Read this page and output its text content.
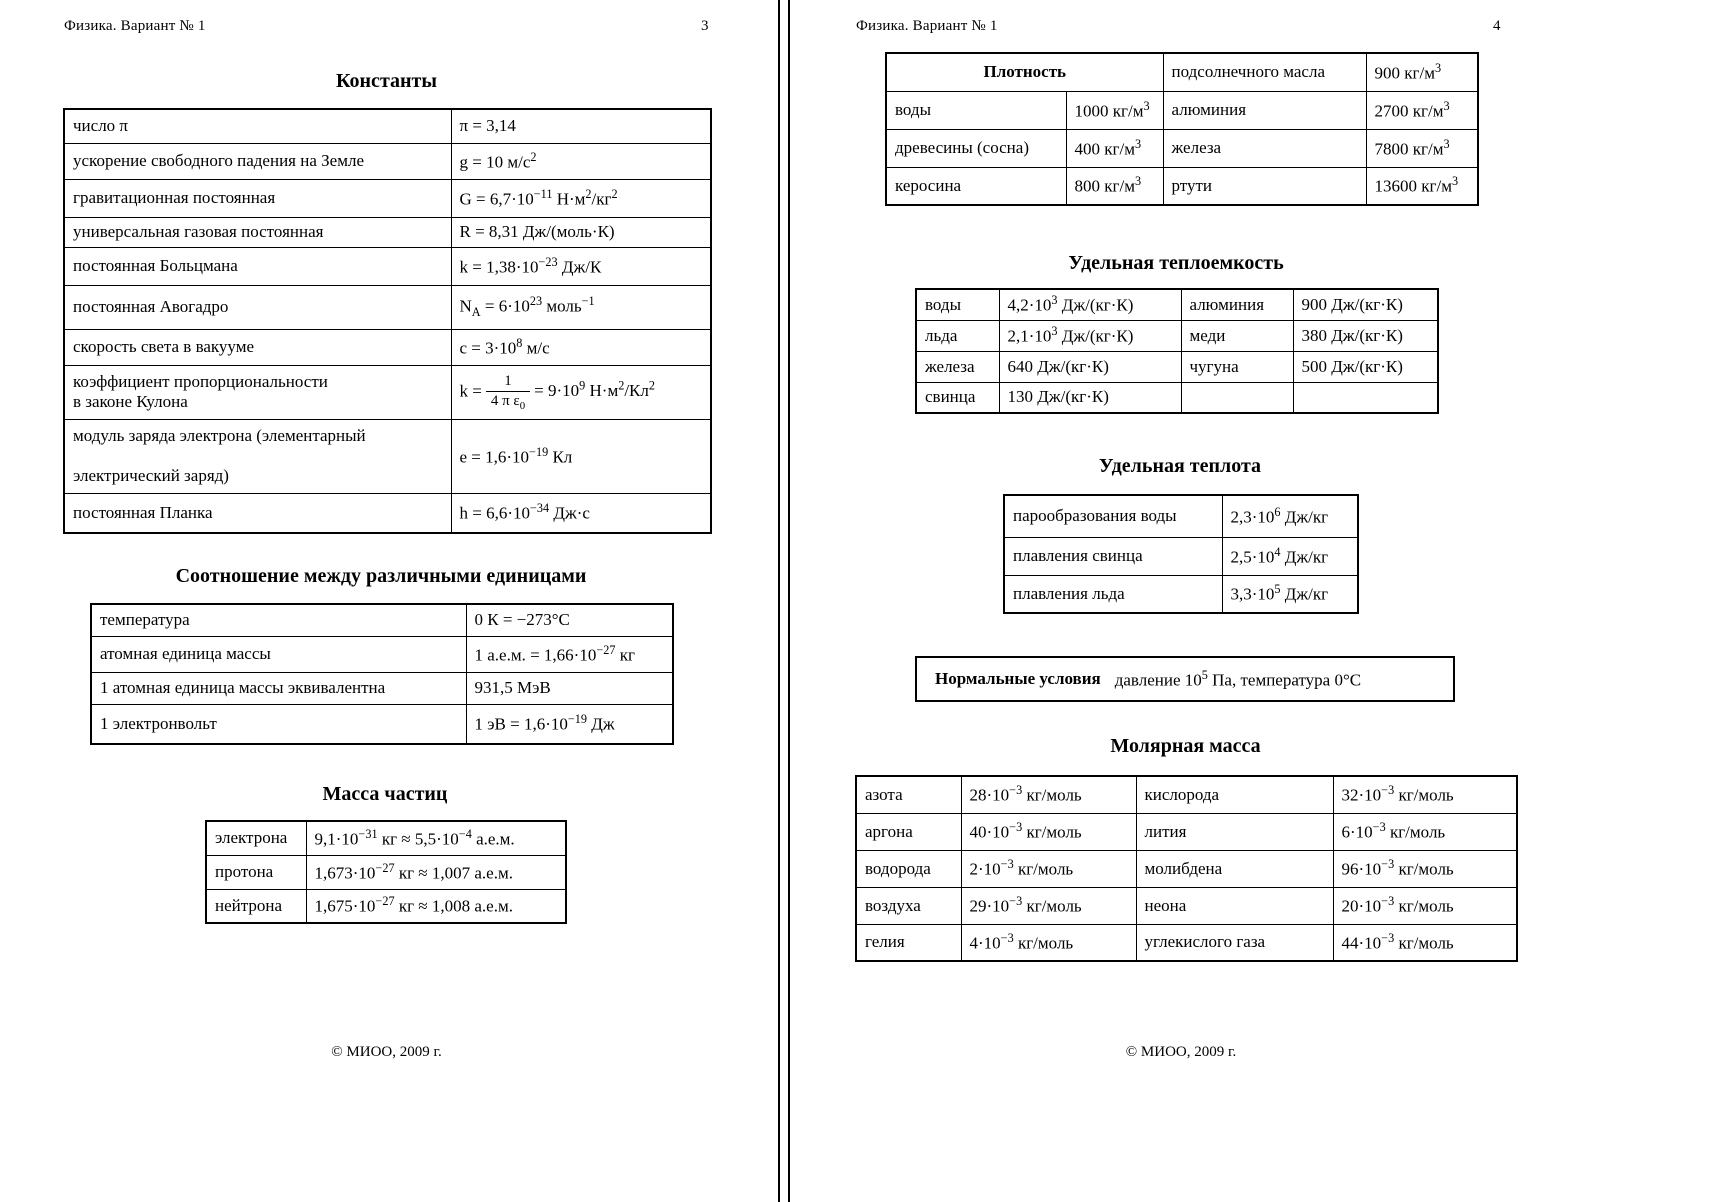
Физика. Вариант № 1	3
Константы
число π	π = 3,14
ускорение свободного падения на Земле	g = 10 $м/с^2$
гравитационная постоянная	$G = 6,7\cdot 10^{-11}$ $Н\cdot м^2/кг^2$
универсальная газовая постоянная	R = 8,31 Дж/(моль·К)
постоянная Больцмана	$k = 1,38\cdot 10^{-23}$ Дж/К
постоянная Авогадро	$N_А = 6\cdot 10^{23}$ моль$^{-1}$
скорость света в вакууме	$c = 3\cdot 10^8$ м/с
коэффициент пропорциональности
в законе Кулона	$k = \frac{1}{4 \pi \varepsilon_0} = 9\cdot 10^9$ $Н\cdot м^2/Кл^2$
модуль заряда электрона (элементарный

электрический заряд)	$e = 1,6\cdot 10^{-19}$ Кл
постоянная Планка	$h = 6,6\cdot 10^{-34}$ Дж·с
Соотношение между различными единицами
температура	0 К = −273°С
атомная единица массы	1 а.е.м. = $1,66\cdot 10^{-27}$ кг
1 атомная единица массы эквивалентна	931,5 МэВ
1 электронвольт	1 эВ = $1,6\cdot 10^{-19}$ Дж
Масса частиц
электрона	$9,1\cdot 10^{-31}$ кг ≈ $5,5\cdot 10^{-4}$ а.е.м.
протона	$1,673\cdot 10^{-27}$ кг ≈ 1,007 а.е.м.
нейтрона	$1,675\cdot 10^{-27}$ кг ≈ 1,008 а.е.м.
© МИОО, 2009 г.
Физика. Вариант № 1	4
Плотность		подсолнечного масла	900 $кг/м^3$
воды	1000 $кг/м^3$	алюминия	2700 $кг/м^3$
древесины (сосна)	400 $кг/м^3$	железа	7800 $кг/м^3$
керосина	800 $кг/м^3$	ртути	13600 $кг/м^3$
Удельная теплоемкость
воды	$4,2\cdot 10^3$ Дж/(кг·К)	алюминия	900 Дж/(кг·К)
льда	$2,1\cdot 10^3$ Дж/(кг·К)	меди	380 Дж/(кг·К)
железа	640 Дж/(кг·К)	чугуна	500 Дж/(кг·К)
свинца	130 Дж/(кг·К)		
Удельная теплота
парообразования воды	$2,3\cdot 10^6$ Дж/кг
плавления свинца	$2,5\cdot 10^4$ Дж/кг
плавления льда	$3,3\cdot 10^5$ Дж/кг
Нормальные условия давление $10^5$ Па, температура 0°С
Молярная масса
азота	$28\cdot 10^{-3}$ кг/моль	кислорода	$32\cdot 10^{-3}$ кг/моль
аргона	$40\cdot 10^{-3}$ кг/моль	лития	$6\cdot 10^{-3}$ кг/моль
водорода	$2\cdot 10^{-3}$ кг/моль	молибдена	$96\cdot 10^{-3}$ кг/моль
воздуха	$29\cdot 10^{-3}$ кг/моль	неона	$20\cdot 10^{-3}$ кг/моль
гелия	$4\cdot 10^{-3}$ кг/моль	углекислого газа	$44\cdot 10^{-3}$ кг/моль
© МИОО, 2009 г.
